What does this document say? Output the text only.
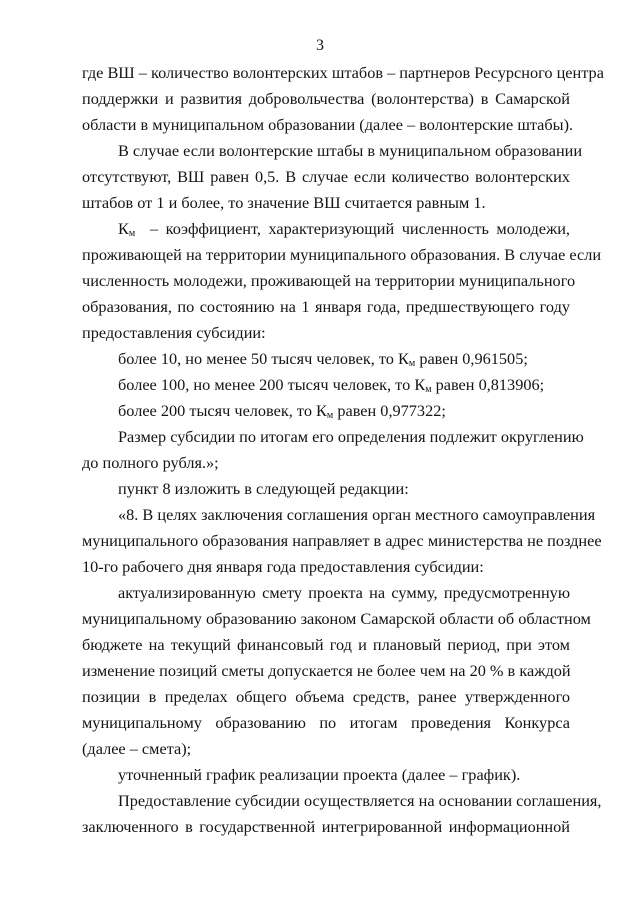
3
где ВШ – количество волонтерских штабов – партнеров Ресурсного центра
поддержки и развития добровольчества (волонтерства) в Самарской
области в муниципальном образовании (далее – волонтерские штабы).
В случае если волонтерские штабы в муниципальном образовании
отсутствуют, ВШ равен 0,5. В случае если количество волонтерских
штабов от 1 и более, то значение ВШ считается равным 1.
$К_м$ – коэффициент, характеризующий численность молодежи,
проживающей на территории муниципального образования. В случае если
численность молодежи, проживающей на территории муниципального
образования, по состоянию на 1 января года, предшествующего году
предоставления субсидии:
более 10, но менее 50 тысяч человек, то $К_м$ равен 0,961505;
более 100, но менее 200 тысяч человек, то $К_м$ равен 0,813906;
более 200 тысяч человек, то $К_м$ равен 0,977322;
Размер субсидии по итогам его определения подлежит округлению
до полного рубля.»;
пункт 8 изложить в следующей редакции:
«8. В целях заключения соглашения орган местного самоуправления
муниципального образования направляет в адрес министерства не позднее
10-го рабочего дня января года предоставления субсидии:
актуализированную смету проекта на сумму, предусмотренную
муниципальному образованию законом Самарской области об областном
бюджете на текущий финансовый год и плановый период, при этом
изменение позиций сметы допускается не более чем на 20 % в каждой
позиции в пределах общего объема средств, ранее утвержденного
муниципальному образованию по итогам проведения Конкурса
(далее – смета);
уточненный график реализации проекта (далее – график).
Предоставление субсидии осуществляется на основании соглашения,
заключенного в государственной интегрированной информационной
